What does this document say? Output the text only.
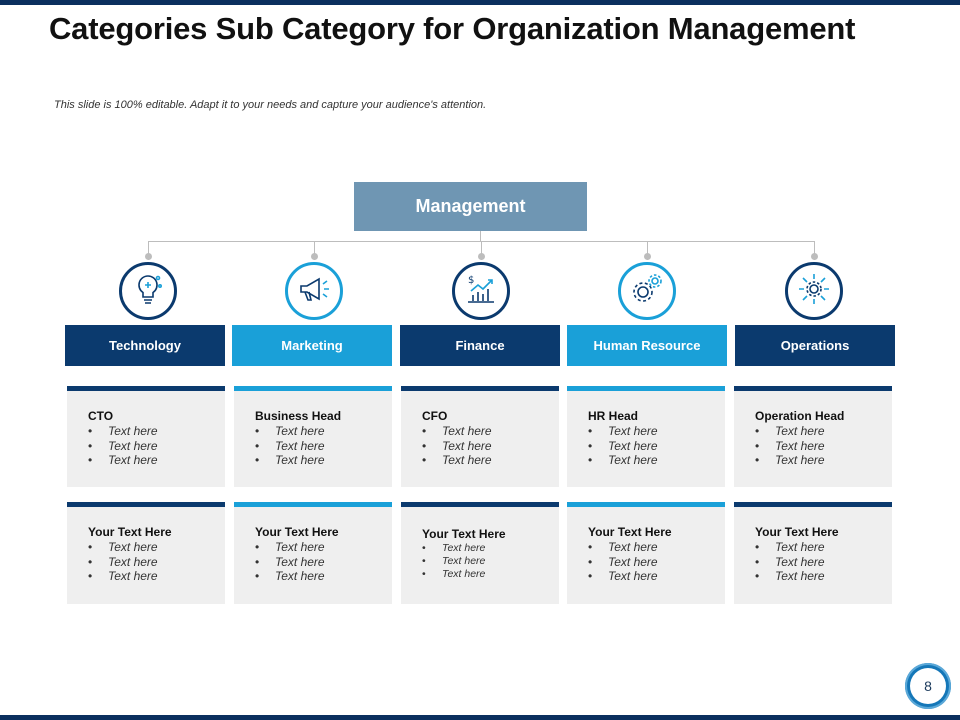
Categories Sub Category for Organization Management
This slide is 100% editable. Adapt it to your needs and capture your audience's attention.
Management
Technology	Marketing
$
Finance	Human Resource	Operations
CTO
• Text here
• Text here
• Text here
Business Head
• Text here
• Text here
• Text here
CFO
• Text here
• Text here
• Text here
HR Head
• Text here
• Text here
• Text here
Operation Head
• Text here
• Text here
• Text here
Your Text Here
• Text here
• Text here
• Text here
Your Text Here
• Text here
• Text here
• Text here
Your Text Here
• Text here
• Text here
• Text here
Your Text Here
• Text here
• Text here
• Text here
Your Text Here
• Text here
• Text here
• Text here
8
